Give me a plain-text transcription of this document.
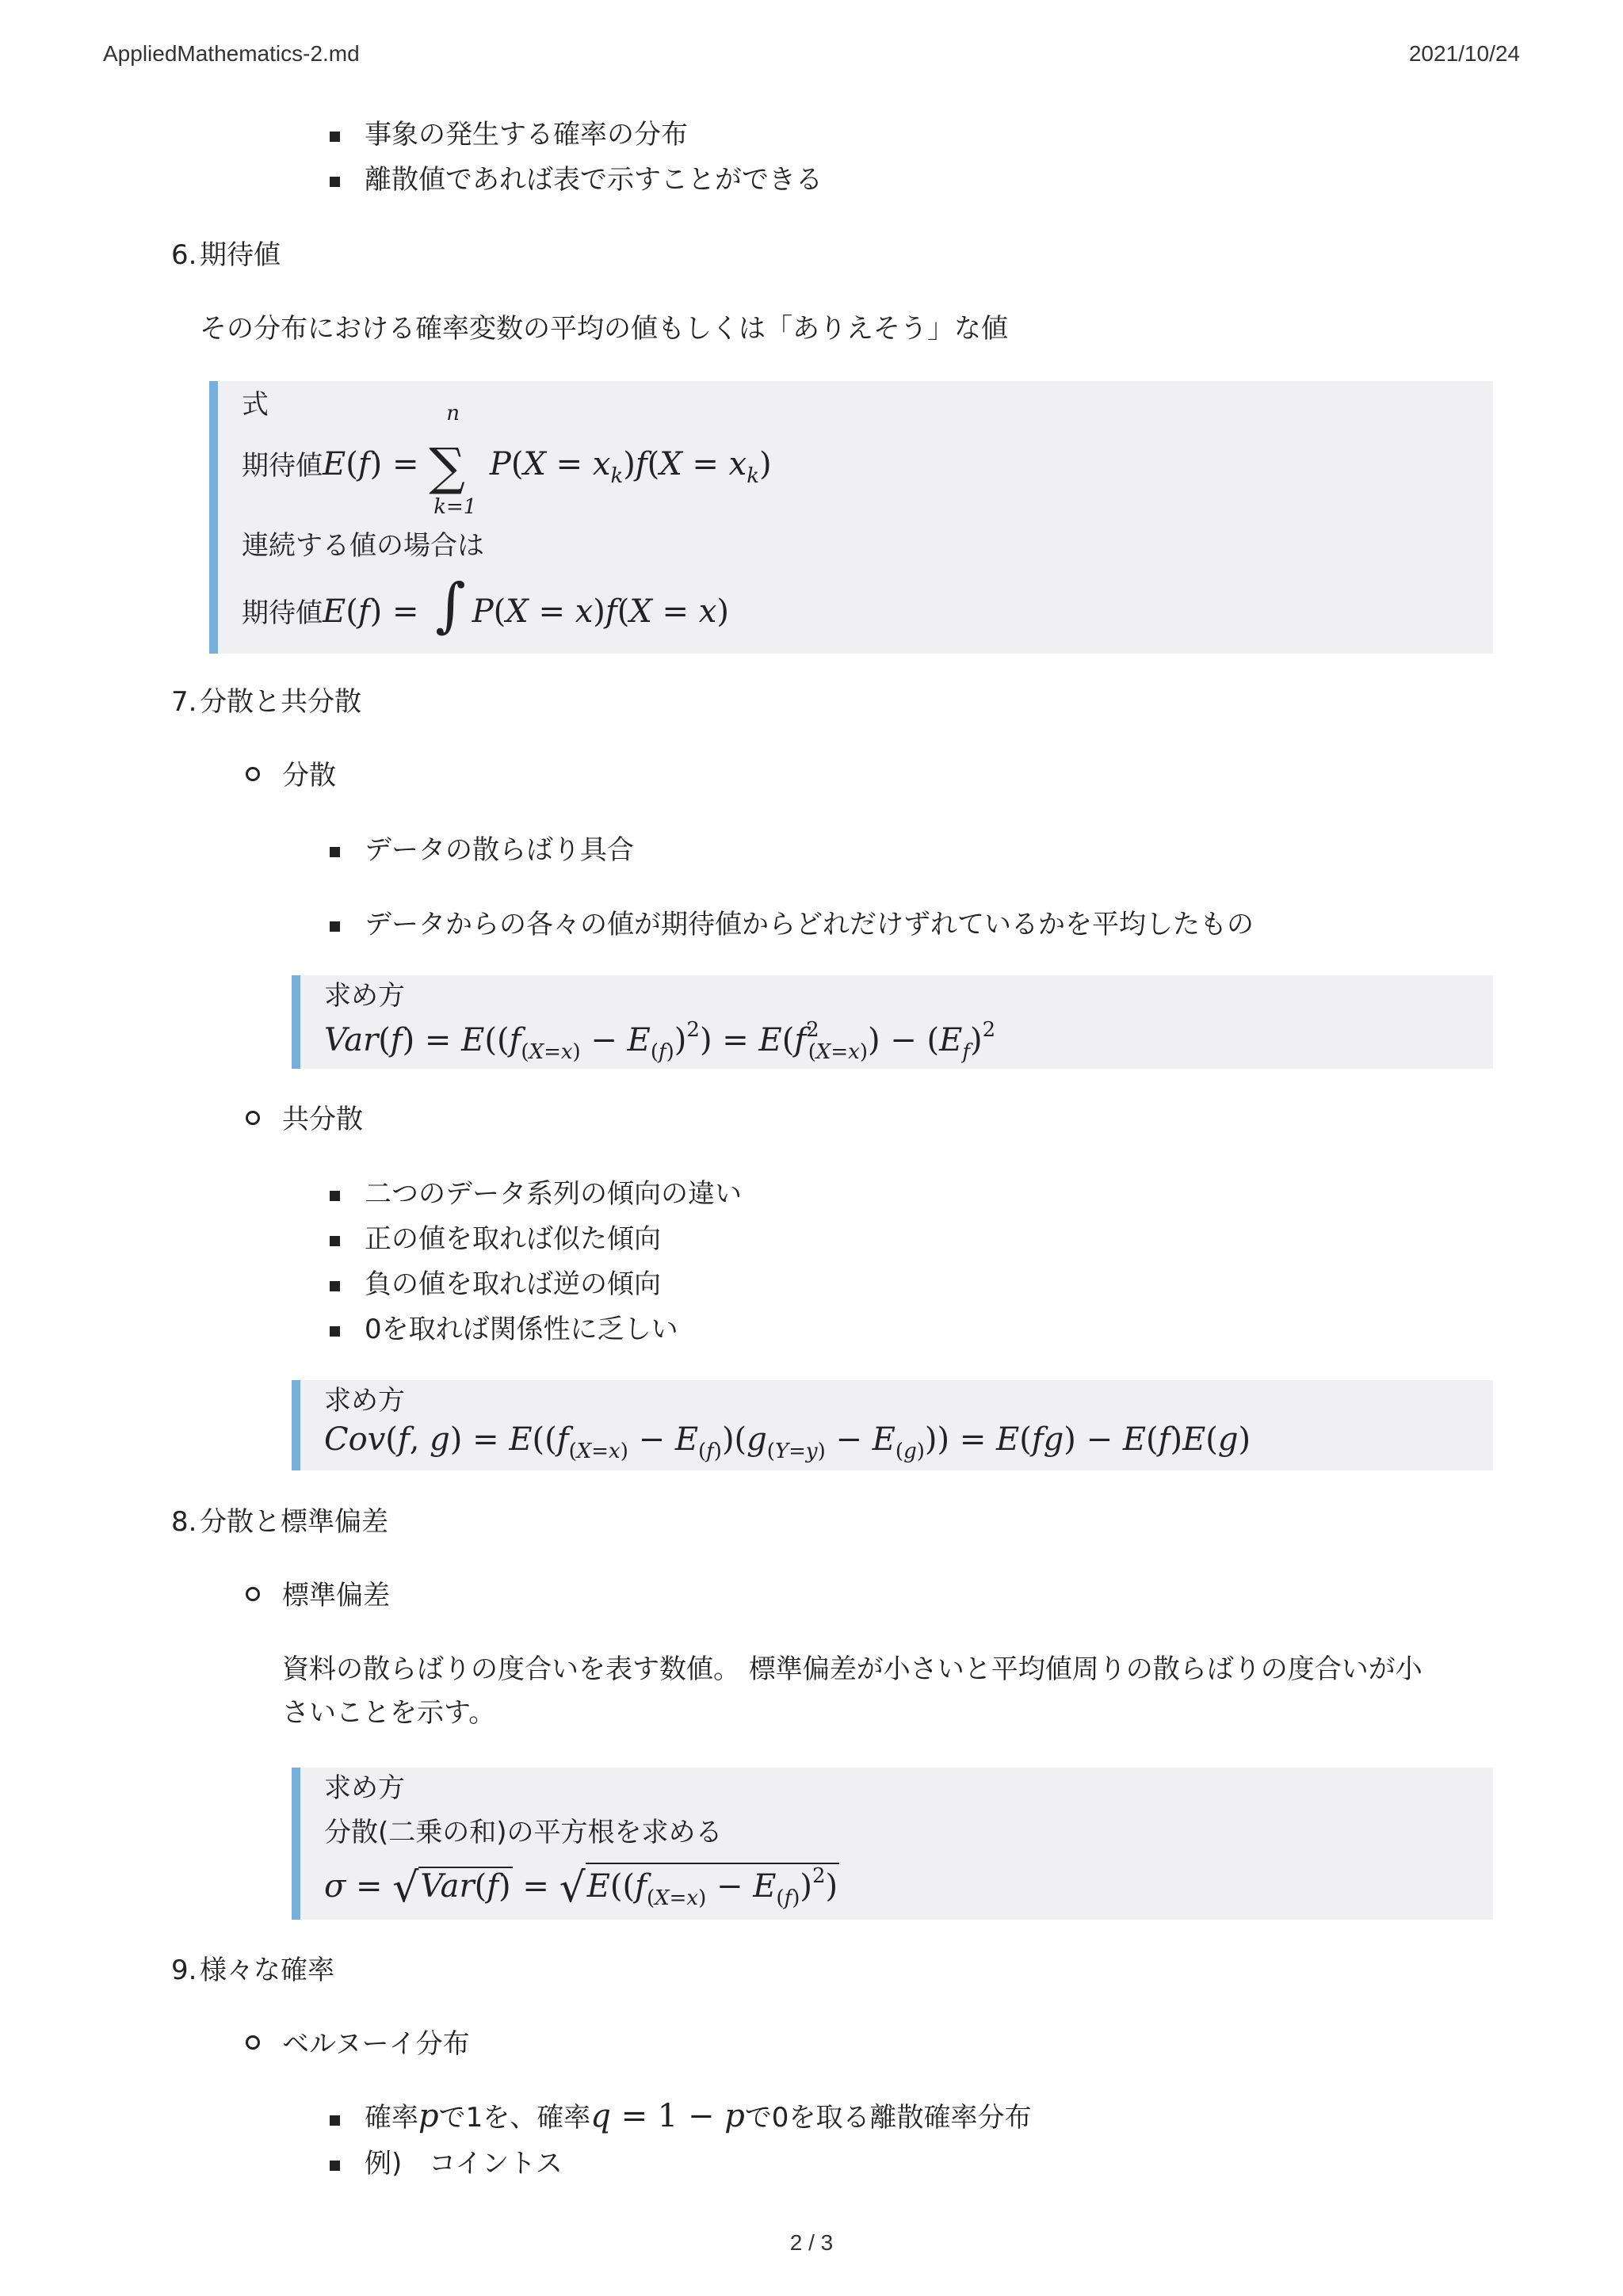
AppliedMathematics-2.md	2021/10/24
事象の発生する確率の分布
離散値であれば表で示すことができる
6. 期待値
その分布における確率変数の平均の値もしくは「ありえそう」な値
式
期待値E(f) =
n
∑
k=1
$P(X = x_k)f(X = x_k)$
連続する値の場合は
期待値E(f) = ∫ P(X = x)f(X = x)
7. 分散と共分散
分散
データの散らばり具合
データからの各々の値が期待値からどれだけずれているかを平均したもの
求め方
$Var(f) = E((f_{(X=x)} - E_{(f)})^2) = E(f^2_{(X=x)}) - (E_f)^2$
共分散
二つのデータ系列の傾向の違い
正の値を取れば似た傾向
負の値を取れば逆の傾向
0を取れば関係性に乏しい
求め方
Cov(f, $g) = E((f_{(X=x)} - E_{(f)})(g_{(Y=y)} - E_{(g)})) = E(fg) - E(f)E(g)$
8. 分散と標準偏差
標準偏差
資料の散らばりの度合いを表す数値。 標準偏差が小さいと平均値周りの散らばりの度合いが小
さいことを示す。
求め方
分散(二乗の和)の平方根を求める
$\sigma = √Var(f) = √E((f_{(X=x)} - E_{(f)})^2)$
9. 様々な確率
ベルヌーイ分布
確率pで1を、確率q = 1 − pで0を取る離散確率分布
例)　コイントス
2 / 3
